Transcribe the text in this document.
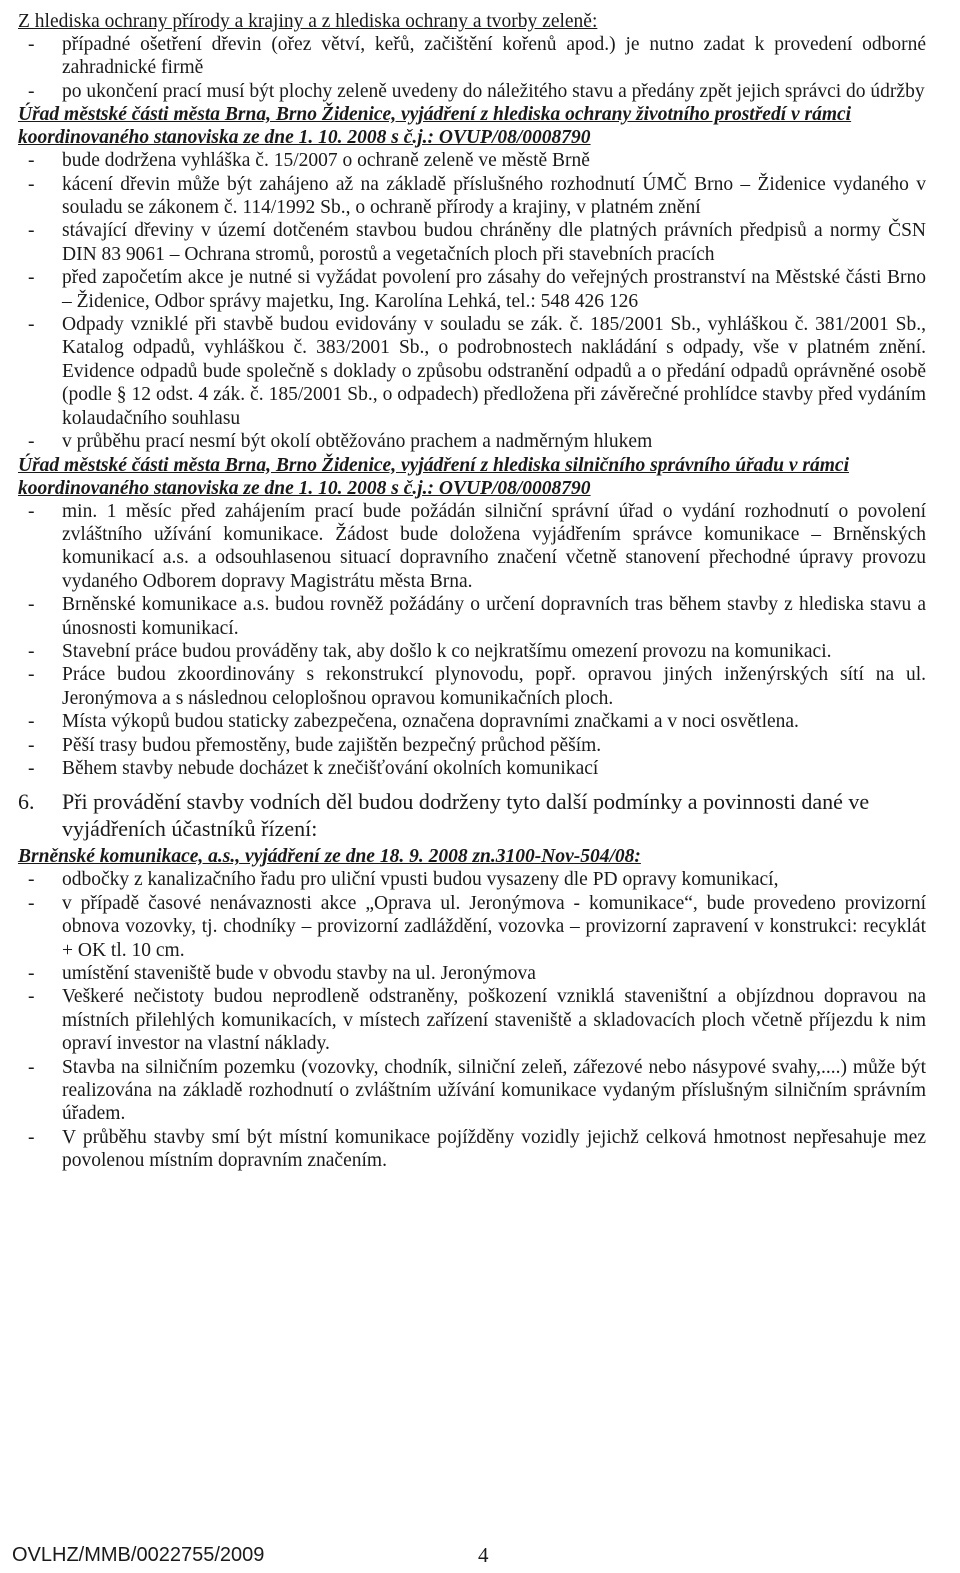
Z hlediska ochrany přírody a krajiny a z hlediska ochrany a tvorby zeleně:

- případné ošetření dřevin (ořez větví, keřů, začištění kořenů apod.) je nutno zadat k provedení odborné zahradnické firmě
- po ukončení prací musí být plochy zeleně uvedeny do náležitého stavu a předány zpět jejich správci do údržby

Úřad městské části města Brna, Brno Židenice, vyjádření z hlediska ochrany životního prostředí v rámci koordinovaného stanoviska ze dne 1. 10. 2008 s č.j.: OVUP/08/0008790

- bude dodržena vyhláška č. 15/2007 o ochraně zeleně ve městě Brně
- kácení dřevin může být zahájeno až na základě příslušného rozhodnutí ÚMČ Brno – Židenice vydaného v souladu se zákonem č. 114/1992 Sb., o ochraně přírody a krajiny, v platném znění
- stávající dřeviny v území dotčeném stavbou budou chráněny dle platných právních předpisů a normy ČSN DIN 83 9061 – Ochrana stromů, porostů a vegetačních ploch při stavebních pracích
- před započetím akce je nutné si vyžádat povolení pro zásahy do veřejných prostranství na Městské části Brno – Židenice, Odbor správy majetku, Ing. Karolína Lehká, tel.: 548 426 126
- Odpady vzniklé při stavbě budou evidovány v souladu se zák. č. 185/2001 Sb., vyhláškou č. 381/2001 Sb., Katalog odpadů, vyhláškou č. 383/2001 Sb., o podrobnostech nakládání s odpady, vše v platném znění. Evidence odpadů bude společně s doklady o způsobu odstranění odpadů a o předání odpadů oprávněné osobě (podle § 12 odst. 4 zák. č. 185/2001 Sb., o odpadech) předložena při závěrečné prohlídce stavby před vydáním kolaudačního souhlasu
- v průběhu prací nesmí být okolí obtěžováno prachem a nadměrným hlukem

Úřad městské části města Brna, Brno Židenice, vyjádření z hlediska silničního správního úřadu v rámci koordinovaného stanoviska ze dne 1. 10. 2008 s č.j.: OVUP/08/0008790

- min. 1 měsíc před zahájením prací bude požádán silniční správní úřad o vydání rozhodnutí o povolení zvláštního užívání komunikace. Žádost bude doložena vyjádřením správce komunikace – Brněnských komunikací a.s. a odsouhlasenou situací dopravního značení včetně stanovení přechodné úpravy provozu vydaného Odborem dopravy Magistrátu města Brna.
- Brněnské komunikace a.s. budou rovněž požádány o určení dopravních tras během stavby z hlediska stavu a únosnosti komunikací.
- Stavební práce budou prováděny tak, aby došlo k co nejkratšímu omezení provozu na komunikaci.
- Práce budou zkoordinovány s rekonstrukcí plynovodu, popř. opravou jiných inženýrských sítí na ul. Jeronýmova a s následnou celoplošnou opravou komunikačních ploch.
- Místa výkopů budou staticky zabezpečena, označena dopravními značkami a v noci osvětlena.
- Pěší trasy budou přemostěny, bude zajištěn bezpečný průchod pěším.
- Během stavby nebude docházet k znečišťování okolních komunikací
6. Při provádění stavby vodních děl budou dodrženy tyto další podmínky a povinnosti dané ve vyjádřeních účastníků řízení:

Brněnské komunikace, a.s., vyjádření ze dne 18. 9. 2008 zn.3100-Nov-504/08:

- odbočky z kanalizačního řadu pro uliční vpusti budou vysazeny dle PD opravy komunikací,
- v případě časové nenávaznosti akce „Oprava ul. Jeronýmova - komunikace“, bude provedeno provizorní obnova vozovky, tj. chodníky – provizorní zadláždění, vozovka – provizorní zapravení v konstrukci: recyklát + OK tl. 10 cm.
- umístění staveniště bude v obvodu stavby na ul. Jeronýmova
- Veškeré nečistoty budou neprodleně odstraněny, poškození vzniklá staveništní a objízdnou dopravou na místních přilehlých komunikacích, v místech zařízení staveniště a skladovacích ploch včetně příjezdu k nim opraví investor na vlastní náklady.
- Stavba na silničním pozemku (vozovky, chodník, silniční zeleň, zářezové nebo násypové svahy,....) může být realizována na základě rozhodnutí o zvláštním užívání komunikace vydaným příslušným silničním správním úřadem.
- V průběhu stavby smí být místní komunikace pojížděny vozidly jejichž celková hmotnost nepřesahuje mez povolenou místním dopravním značením.
OVLHZ/MMB/0022755/2009	4
